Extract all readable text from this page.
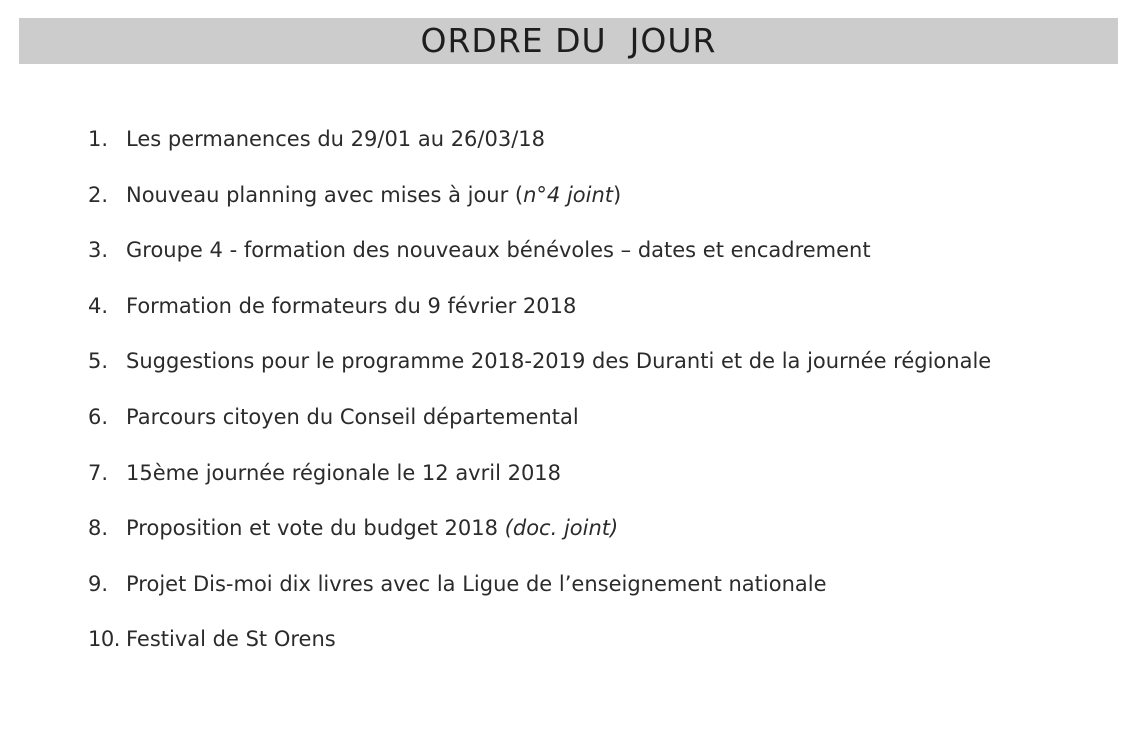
ORDRE DU  JOUR
1. Les permanences du 29/01 au 26/03/18
2. Nouveau planning avec mises à jour (n°4 joint)
3. Groupe 4 - formation des nouveaux bénévoles – dates et encadrement
4. Formation de formateurs du 9 février 2018
5. Suggestions pour le programme 2018-2019 des Duranti et de la journée régionale
6. Parcours citoyen du Conseil départemental
7. 15ème journée régionale le 12 avril 2018
8. Proposition et vote du budget 2018 (doc. joint)
9. Projet Dis-moi dix livres avec la Ligue de l’enseignement nationale
10. Festival de St Orens
